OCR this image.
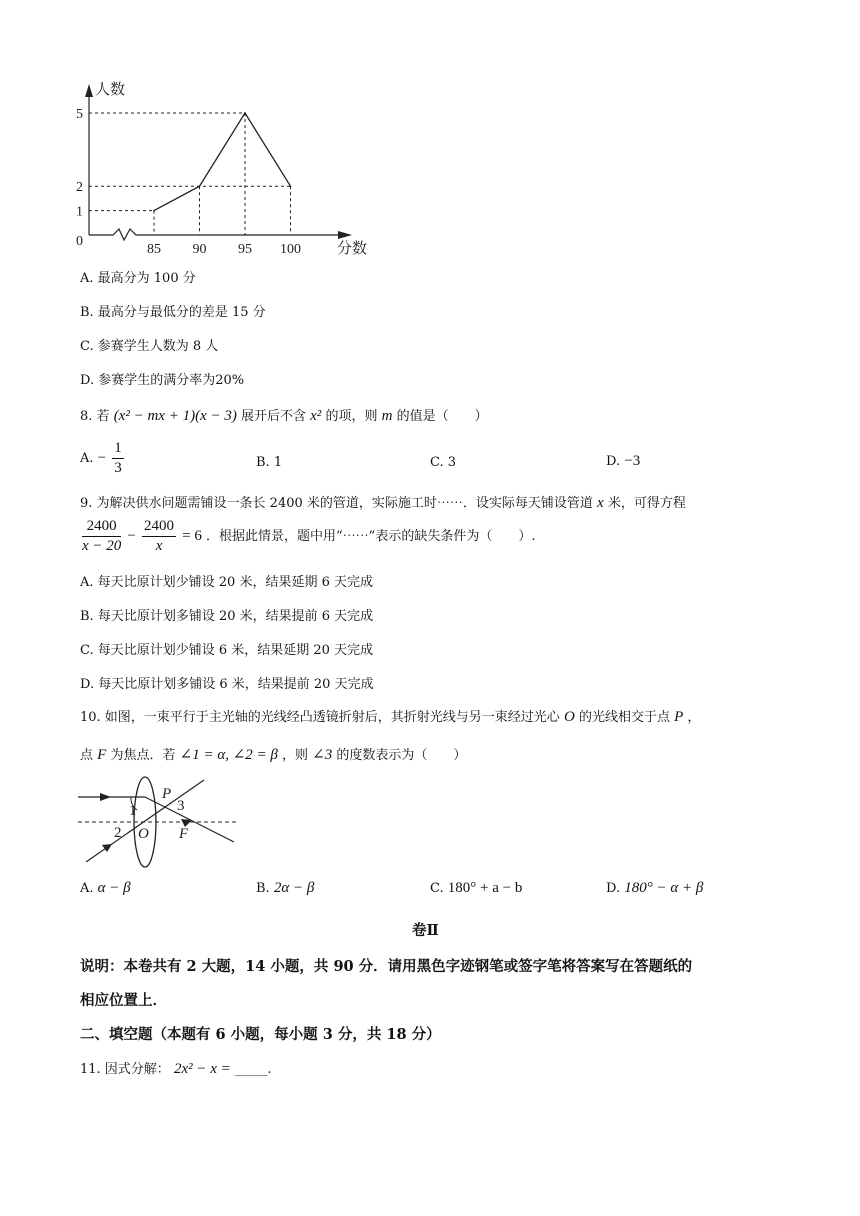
1
2
5
85 90 95 100
人数
分数
0
A. 最高分为 100 分
B. 最高分与最低分的差是 15 分
C. 参赛学生人数为 8 人
D. 参赛学生的满分率为20%
8. 若 (x² − mx + 1)(x − 3) 展开后不含 x² 的项，则 m 的值是（　　）
A. − $\frac{1}{3}$	B. 1	C. 3	D. −3
9. 为解决供水问题需铺设一条长 2400 米的管道，实际施工时⋯⋯．设实际每天铺设管道 x 米，可得方程
$\frac{2400}{x - 20} - \frac{2400}{x} = 6$ ．根据此情景，题中用“⋯⋯”表示的缺失条件为（　　）.
A. 每天比原计划少铺设 20 米，结果延期 6 天完成
B. 每天比原计划多铺设 20 米，结果提前 6 天完成
C. 每天比原计划少铺设 6 米，结果延期 20 天完成
D. 每天比原计划多铺设 6 米，结果提前 20 天完成
10. 如图，一束平行于主光轴的光线经凸透镜折射后，其折射光线与另一束经过光心 O 的光线相交于点 P ，
点 F 为焦点．若 ∠1 = α, ∠2 = β ，则 ∠3 的度数表示为（　　）
1
2
3
P
O F
A. α − β	B. 2α − β	C. 180° + a − b	D. 180° − α + β
卷Ⅱ
说明：本卷共有 2 大题，14 小题，共 90 分．请用黑色字迹钢笔或签字笔将答案写在答题纸的
相应位置上．
二、填空题（本题有 6 小题，每小题 3 分，共 18 分）
11. 因式分解： 2x² − x = _____.
